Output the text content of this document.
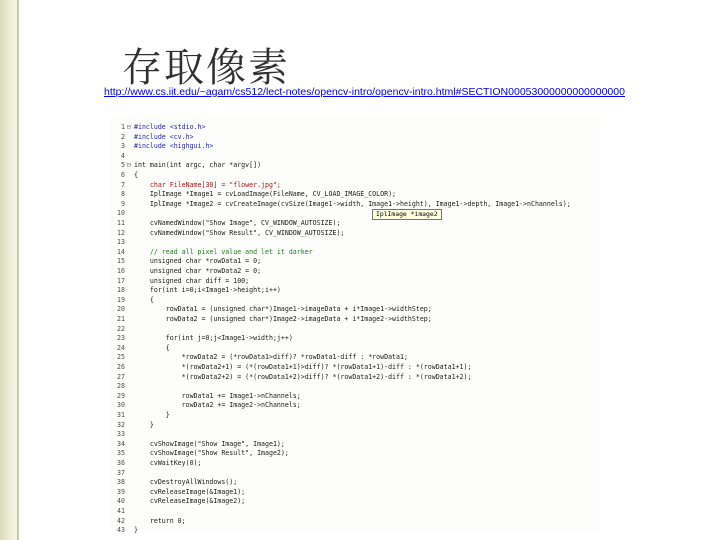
存取像素
http://www.cs.iit.edu/~agam/cs512/lect-notes/opencv-intro/opencv-intro.html#SECTION00053000000000000000
1 ⊟ #include <stdio.h>
2 #include <cv.h>
3 #include <highgui.h>
4
5 ⊟ int main(int argc, char *argv[])
6 {
7 char FileName[30] = "flower.jpg";
8 IplImage *Image1 = cvLoadImage(FileName, CV_LOAD_IMAGE_COLOR);
9 IplImage *Image2 = cvCreateImage(cvSize(Image1->width, Image1->height), Image1->depth, Image1->nChannels);
10
11 cvNamedWindow("Show Image", CV_WINDOW_AUTOSIZE);
12 cvNamedWindow("Show Result", CV_WINDOW_AUTOSIZE);
13
14 // read all pixel value and let it darker
15 unsigned char *rowData1 = 0;
16 unsigned char *rowData2 = 0;
17 unsigned char diff = 100;
18 for(int i=0;i<Image1->height;i++)
19 {
20 rowData1 = (unsigned char*)Image1->imageData + i*Image1->widthStep;
21 rowData2 = (unsigned char*)Image2->imageData + i*Image2->widthStep;
22
23 for(int j=0;j<Image1->width;j++)
24 {
25 *rowData2 = (*rowData1>diff)? *rowData1-diff : *rowData1;
26 *(rowData2+1) = (*(rowData1+1)>diff)? *(rowData1+1)-diff : *(rowData1+1);
27 *(rowData2+2) = (*(rowData1+2)>diff)? *(rowData1+2)-diff : *(rowData1+2);
28
29 rowData1 += Image1->nChannels;
30 rowData2 += Image2->nChannels;
31 }
32 }
33
34 cvShowImage("Show Image", Image1);
35 cvShowImage("Show Result", Image2);
36 cvWaitKey(0);
37
38 cvDestroyAllWindows();
39 cvReleaseImage(&Image1);
40 cvReleaseImage(&Image2);
41
42 return 0;
43 }
IplImage *image2
